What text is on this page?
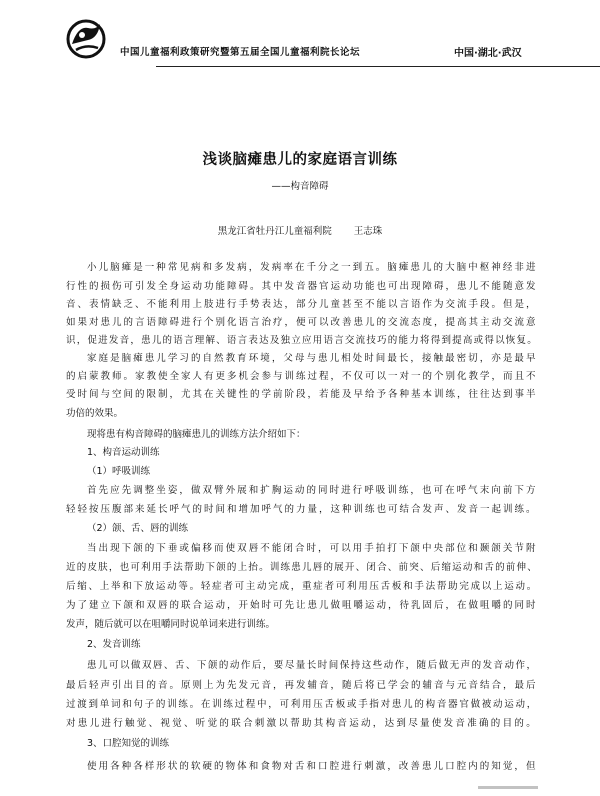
中国儿童福利政策研究暨第五届全国儿童福利院长论坛	中国·湖北·武汉
浅谈脑瘫患儿的家庭语言训练
——构音障碍
黑龙江省牡丹江儿童福利院 王志珠
小儿脑瘫是一种常见病和多发病，发病率在千分之一到五。脑瘫患儿的大脑中枢神经非进
行性的损伤可引发全身运动功能障碍。其中发音器官运动功能也可出现障碍，患儿不能随意发
音、表情缺乏、不能利用上肢进行手势表达，部分儿童甚至不能以言语作为交流手段。但是，
如果对患儿的言语障碍进行个别化语言治疗，便可以改善患儿的交流态度，提高其主动交流意
识，促进发音，患儿的语言理解、语言表达及独立应用语言交流技巧的能力将得到提高或得以恢复。
家庭是脑瘫患儿学习的自然教育环境，父母与患儿相处时间最长，接触最密切，亦是最早
的启蒙教师。家教使全家人有更多机会参与训练过程，不仅可以一对一的个别化教学，而且不
受时间与空间的限制，尤其在关键性的学前阶段，若能及早给予各种基本训练，往往达到事半
功倍的效果。
现将患有构音障碍的脑瘫患儿的训练方法介绍如下：
1、构音运动训练
（1）呼吸训练
首先应先调整坐姿，做双臂外展和扩胸运动的同时进行呼吸训练，也可在呼气末向前下方
轻轻按压腹部来延长呼气的时间和增加呼气的力量，这种训练也可结合发声、发音一起训练。
（2）颌、舌、唇的训练
当出现下颌的下垂或偏移而使双唇不能闭合时，可以用手拍打下颌中央部位和颞颌关节附
近的皮肤，也可利用手法帮助下颌的上抬。训练患儿唇的展开、闭合、前突、后缩运动和舌的前伸、
后缩、上举和下放运动等。轻症者可主动完成，重症者可利用压舌板和手法帮助完成以上运动。
为了建立下颌和双唇的联合运动，开始时可先让患儿做咀嚼运动，待乳固后，在做咀嚼的同时
发声，随后就可以在咀嚼同时说单词来进行训练。
2、发音训练
患儿可以做双唇、舌、下颌的动作后，要尽量长时间保持这些动作，随后做无声的发音动作，
最后轻声引出目的音。原则上为先发元音，再发辅音，随后将已学会的辅音与元音结合，最后
过渡到单词和句子的训练。在训练过程中，可利用压舌板或手指对患儿的构音器官做被动运动，
对患儿进行触觉、视觉、听觉的联合刺激以帮助其构音运动，达到尽量使发音准确的目的。
3、口腔知觉的训练
使用各种各样形状的软硬的物体和食物对舌和口腔进行刺激，改善患儿口腔内的知觉，但
